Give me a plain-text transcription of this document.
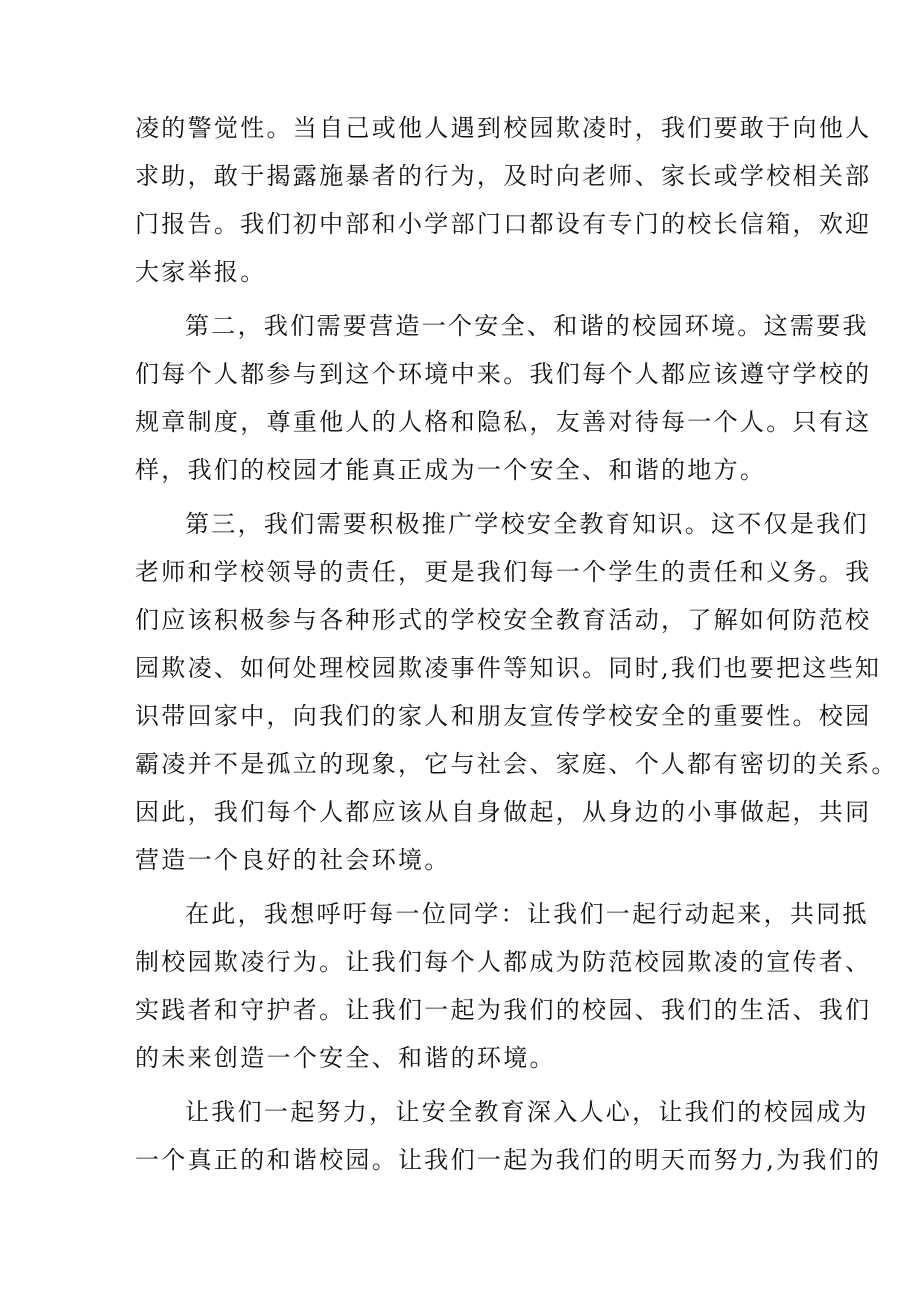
凌的警觉性。当自己或他人遇到校园欺凌时，我们要敢于向他人
求助，敢于揭露施暴者的行为，及时向老师、家长或学校相关部
门报告。我们初中部和小学部门口都设有专门的校长信箱，欢迎
大家举报。
第二，我们需要营造一个安全、和谐的校园环境。这需要我
们每个人都参与到这个环境中来。我们每个人都应该遵守学校的
规章制度，尊重他人的人格和隐私，友善对待每一个人。只有这
样，我们的校园才能真正成为一个安全、和谐的地方。
第三，我们需要积极推广学校安全教育知识。这不仅是我们
老师和学校领导的责任，更是我们每一个学生的责任和义务。我
们应该积极参与各种形式的学校安全教育活动，了解如何防范校
园欺凌、如何处理校园欺凌事件等知识。同时,我们也要把这些知
识带回家中，向我们的家人和朋友宣传学校安全的重要性。校园
霸凌并不是孤立的现象，它与社会、家庭、个人都有密切的关系。
因此，我们每个人都应该从自身做起，从身边的小事做起，共同
营造一个良好的社会环境。
在此，我想呼吁每一位同学：让我们一起行动起来，共同抵
制校园欺凌行为。让我们每个人都成为防范校园欺凌的宣传者、
实践者和守护者。让我们一起为我们的校园、我们的生活、我们
的未来创造一个安全、和谐的环境。
让我们一起努力，让安全教育深入人心，让我们的校园成为
一个真正的和谐校园。让我们一起为我们的明天而努力,为我们的
